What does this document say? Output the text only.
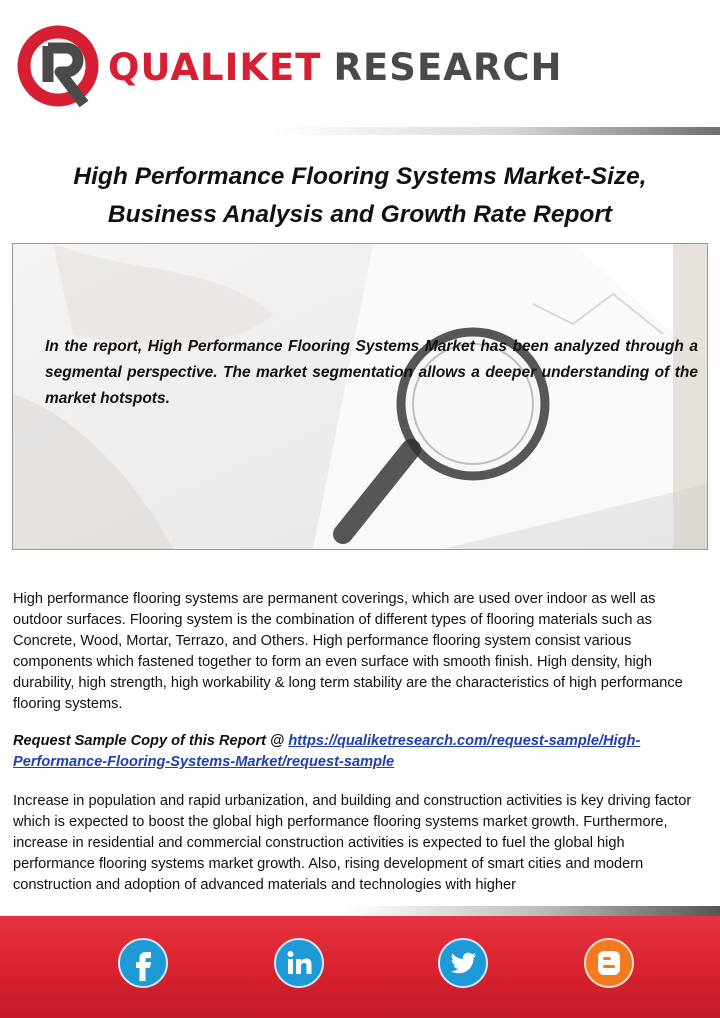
QUALIKET RESEARCH
High Performance Flooring Systems Market-Size,
Business Analysis and Growth Rate Report
In the report, High Performance Flooring Systems Market has been analyzed through a segmental perspective. The market segmentation allows a deeper understanding of the market hotspots.
High performance flooring systems are permanent coverings, which are used over indoor as well as outdoor surfaces. Flooring system is the combination of different types of flooring materials such as Concrete, Wood, Mortar, Terrazo, and Others. High performance flooring system consist various components which fastened together to form an even surface with smooth finish. High density, high durability, high strength, high workability & long term stability are the characteristics of high performance flooring systems.
Request Sample Copy of this Report @ https://qualiketresearch.com/request-sample/High-Performance-Flooring-Systems-Market/request-sample
Increase in population and rapid urbanization, and building and construction activities is key driving factor which is expected to boost the global high performance flooring systems market growth. Furthermore, increase in residential and commercial construction activities is expected to fuel the global high performance flooring systems market growth. Also, rising development of smart cities and modern construction and adoption of advanced materials and technologies with higher
